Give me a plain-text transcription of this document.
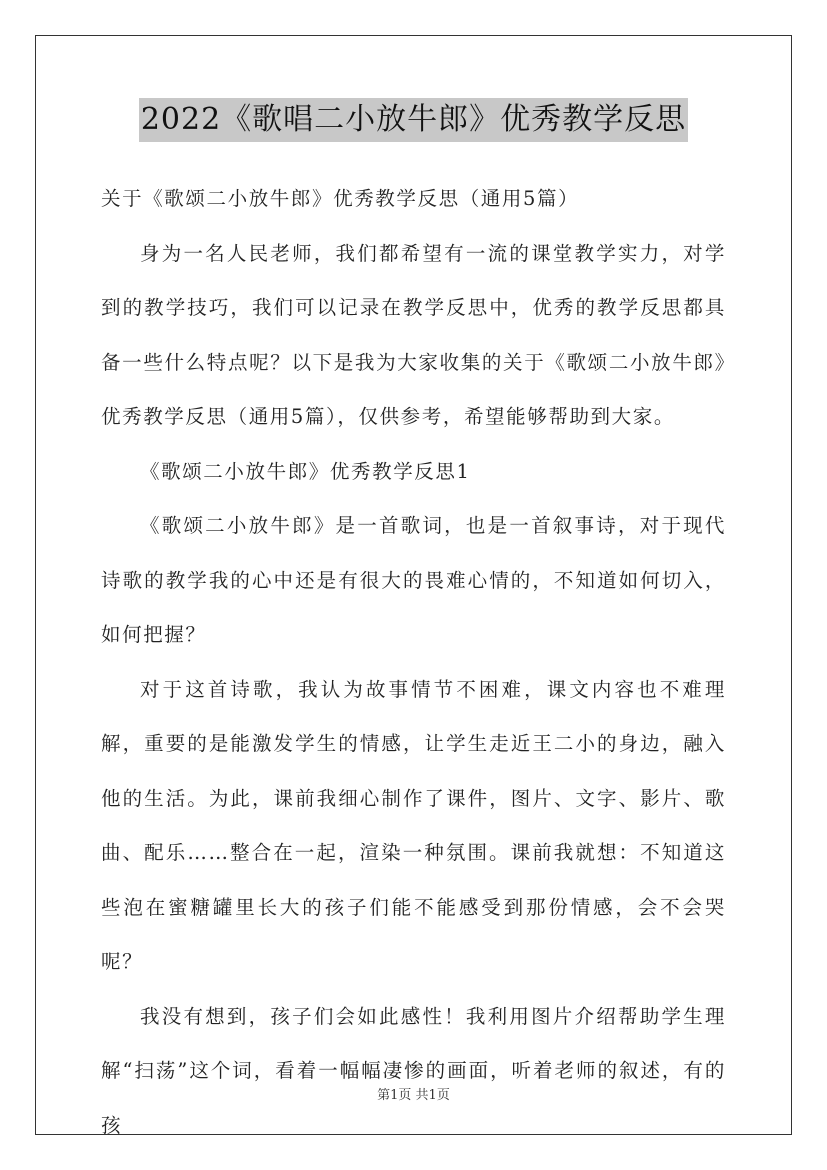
2022《歌唱二小放牛郎》优秀教学反思

关于《歌颂二小放牛郎》优秀教学反思（通用5篇）

身为一名人民老师，我们都希望有一流的课堂教学实力，对学到的教学技巧，我们可以记录在教学反思中，优秀的教学反思都具备一些什么特点呢？以下是我为大家收集的关于《歌颂二小放牛郎》优秀教学反思（通用5篇），仅供参考，希望能够帮助到大家。

《歌颂二小放牛郎》优秀教学反思1

《歌颂二小放牛郎》是一首歌词，也是一首叙事诗，对于现代诗歌的教学我的心中还是有很大的畏难心情的，不知道如何切入，如何把握？

对于这首诗歌，我认为故事情节不困难，课文内容也不难理解，重要的是能激发学生的情感，让学生走近王二小的身边，融入他的生活。为此，课前我细心制作了课件，图片、文字、影片、歌曲、配乐……整合在一起，渲染一种氛围。课前我就想：不知道这些泡在蜜糖罐里长大的孩子们能不能感受到那份情感，会不会哭呢？

我没有想到，孩子们会如此感性！我利用图片介绍帮助学生理解“扫荡”这个词，看着一幅幅凄惨的画面，听着老师的叙述，有的孩

第1页 共1页
